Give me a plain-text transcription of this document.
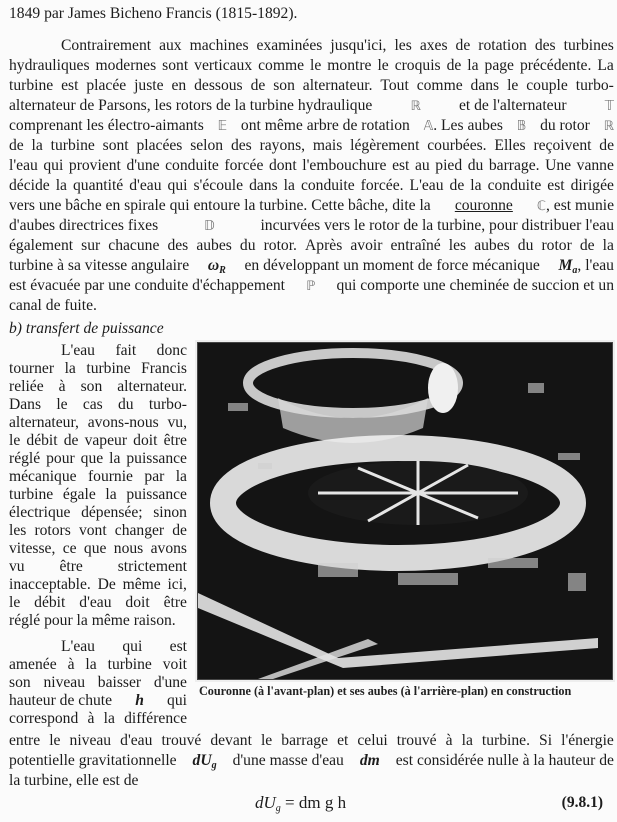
1849 par James Bicheno Francis (1815-1892).
Contrairement aux machines examinées jusqu'ici, les axes de rotation des turbines
hydrauliques modernes sont verticaux comme le montre le croquis de la page précédente. La
turbine est placée juste en dessous de son alternateur. Tout comme dans le couple turbo-
alternateur de Parsons, les rotors de la turbine hydraulique	ℝ et de l'alternateur	𝕋
comprenant les électro-aimants 𝔼 ont même arbre de rotation 𝔸. Les aubes 𝔹 du rotor ℝ
de la turbine sont placées selon des rayons, mais légèrement courbées. Elles reçoivent de
l'eau qui provient d'une conduite forcée dont l'embouchure est au pied du barrage. Une vanne
décide la quantité d'eau qui s'écoule dans la conduite forcée. L'eau de la conduite est dirigée
vers une bâche en spirale qui entoure la turbine. Cette bâche, dite la couronne ℂ, est munie
d'aubes directrices fixes	𝔻	incurvées vers le rotor de la turbine, pour distribuer l'eau
également sur chacune des aubes du rotor. Après avoir entraîné les aubes du rotor de la
turbine à sa vitesse angulaire $\omega_R$ en développant un moment de force mécanique $M_a$, l'eau
est évacuée par une conduite d'échappement ℙ qui comporte une cheminée de succion et un
canal de fuite.
b) transfert de puissance
L'eau fait donc
tourner la turbine Francis
reliée à son alternateur.
Dans le cas du turbo-
alternateur, avons-nous vu,
le débit de vapeur doit être
réglé pour que la puissance
mécanique fournie par la
turbine égale la puissance
électrique dépensée; sinon
les rotors vont changer de
vitesse, ce que nous avons
vu être strictement
inacceptable. De même ici,
le débit d'eau doit être
réglé pour la même raison.
L'eau qui est
amenée à la turbine voit
son niveau baisser d'une
hauteur de chute h qui
correspond à la différence
Couronne (à l'avant-plan) et ses aubes (à l'arrière-plan) en construction
entre le niveau d'eau trouvé devant le barrage et celui trouvé à la turbine. Si l'énergie
potentielle gravitationnelle $dU_g$ d'une masse d'eau dm est considérée nulle à la hauteur de
la turbine, elle est de
$dU_g$ = dm g h	(9.8.1)
